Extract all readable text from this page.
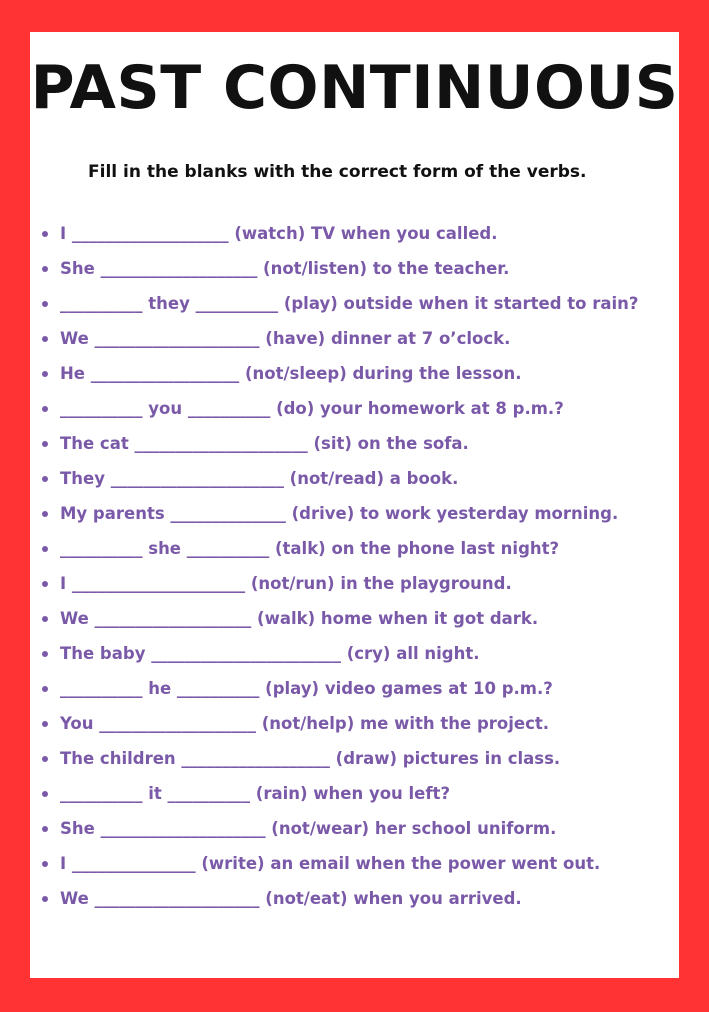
PAST CONTINUOUS

Fill in the blanks with the correct form of the verbs.

I ___________________ (watch) TV when you called.
She ___________________ (not/listen) to the teacher.
__________ they __________ (play) outside when it started to rain?
We ____________________ (have) dinner at 7 o’clock.
He __________________ (not/sleep) during the lesson.
__________ you __________ (do) your homework at 8 p.m.?
The cat _____________________ (sit) on the sofa.
They _____________________ (not/read) a book.
My parents ______________ (drive) to work yesterday morning.
__________ she __________ (talk) on the phone last night?
I _____________________ (not/run) in the playground.
We ___________________ (walk) home when it got dark.
The baby _______________________ (cry) all night.
__________ he __________ (play) video games at 10 p.m.?
You ___________________ (not/help) me with the project.
The children __________________ (draw) pictures in class.
__________ it __________ (rain) when you left?
She ____________________ (not/wear) her school uniform.
I _______________ (write) an email when the power went out.
We ____________________ (not/eat) when you arrived.
